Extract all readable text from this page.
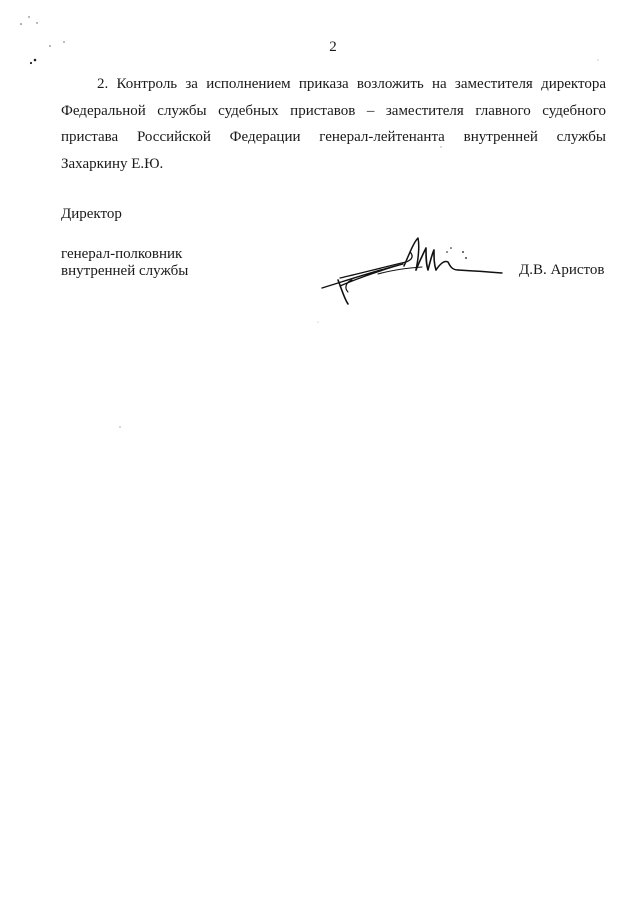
2
2. Контроль за исполнением приказа возложить на заместителя директора
Федеральной службы судебных приставов – заместителя главного судебного
пристава Российской Федерации генерал-лейтенанта внутренней службы
Захаркину Е.Ю.
Директор
генерал-полковник
внутренней службы	Д.В. Аристов
